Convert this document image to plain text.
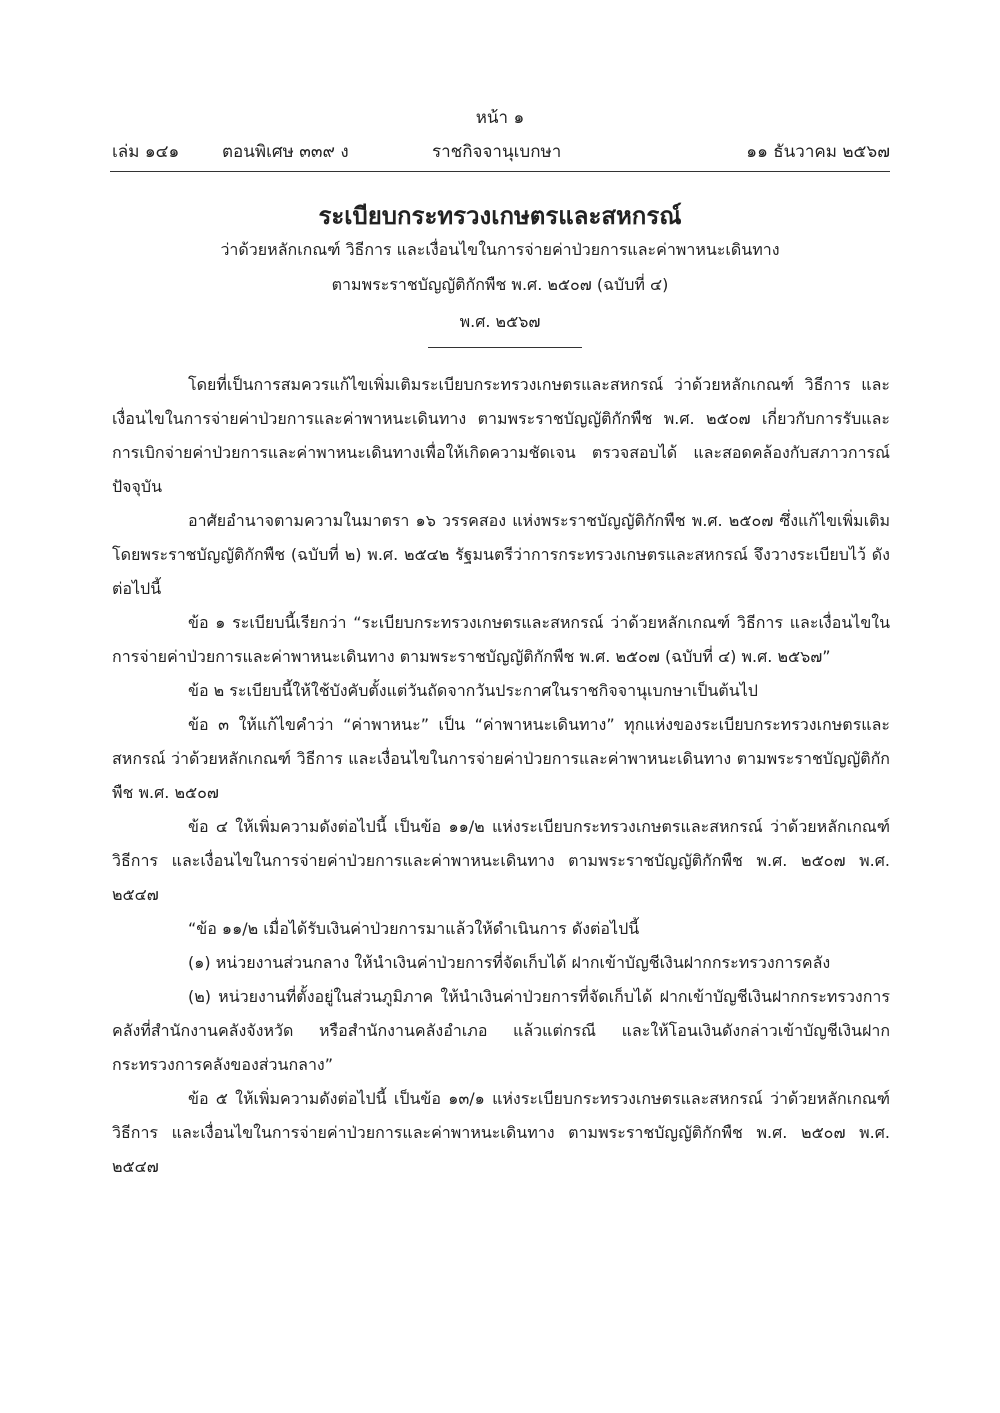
หน้า ๑
เล่ม ๑๔๑	ตอนพิเศษ ๓๓๙ ง	ราชกิจจานุเบกษา	๑๑ ธันวาคม ๒๕๖๗
ระเบียบกระทรวงเกษตรและสหกรณ์
ว่าด้วยหลักเกณฑ์ วิธีการ และเงื่อนไขในการจ่ายค่าป่วยการและค่าพาหนะเดินทาง
ตามพระราชบัญญัติกักพืช พ.ศ. ๒๕๐๗ (ฉบับที่ ๔)
พ.ศ. ๒๕๖๗

โดยที่เป็นการสมควรแก้ไขเพิ่มเติมระเบียบกระทรวงเกษตรและสหกรณ์ ว่าด้วยหลักเกณฑ์ วิธีการ และเงื่อนไขในการจ่ายค่าป่วยการและค่าพาหนะเดินทาง ตามพระราชบัญญัติกักพืช พ.ศ. ๒๕๐๗ เกี่ยวกับการรับและการเบิกจ่ายค่าป่วยการและค่าพาหนะเดินทางเพื่อให้เกิดความชัดเจน ตรวจสอบได้ และสอดคล้องกับสภาวการณ์ปัจจุบัน

อาศัยอำนาจตามความในมาตรา ๑๖ วรรคสอง แห่งพระราชบัญญัติกักพืช พ.ศ. ๒๕๐๗ ซึ่งแก้ไขเพิ่มเติมโดยพระราชบัญญัติกักพืช (ฉบับที่ ๒) พ.ศ. ๒๕๔๒ รัฐมนตรีว่าการกระทรวงเกษตรและสหกรณ์ จึงวางระเบียบไว้ ดังต่อไปนี้

ข้อ ๑ ระเบียบนี้เรียกว่า “ระเบียบกระทรวงเกษตรและสหกรณ์ ว่าด้วยหลักเกณฑ์ วิธีการ และเงื่อนไขในการจ่ายค่าป่วยการและค่าพาหนะเดินทาง ตามพระราชบัญญัติกักพืช พ.ศ. ๒๕๐๗ (ฉบับที่ ๔) พ.ศ. ๒๕๖๗”

ข้อ ๒ ระเบียบนี้ให้ใช้บังคับตั้งแต่วันถัดจากวันประกาศในราชกิจจานุเบกษาเป็นต้นไป

ข้อ ๓ ให้แก้ไขคำว่า “ค่าพาหนะ” เป็น “ค่าพาหนะเดินทาง” ทุกแห่งของระเบียบกระทรวงเกษตรและสหกรณ์ ว่าด้วยหลักเกณฑ์ วิธีการ และเงื่อนไขในการจ่ายค่าป่วยการและค่าพาหนะเดินทาง ตามพระราชบัญญัติกักพืช พ.ศ. ๒๕๐๗

ข้อ ๔ ให้เพิ่มความดังต่อไปนี้ เป็นข้อ ๑๑/๒ แห่งระเบียบกระทรวงเกษตรและสหกรณ์ ว่าด้วยหลักเกณฑ์ วิธีการ และเงื่อนไขในการจ่ายค่าป่วยการและค่าพาหนะเดินทาง ตามพระราชบัญญัติกักพืช พ.ศ. ๒๕๐๗ พ.ศ. ๒๕๔๗

“ข้อ ๑๑/๒ เมื่อได้รับเงินค่าป่วยการมาแล้วให้ดำเนินการ ดังต่อไปนี้

(๑) หน่วยงานส่วนกลาง ให้นำเงินค่าป่วยการที่จัดเก็บได้ ฝากเข้าบัญชีเงินฝากกระทรวงการคลัง

(๒) หน่วยงานที่ตั้งอยู่ในส่วนภูมิภาค ให้นำเงินค่าป่วยการที่จัดเก็บได้ ฝากเข้าบัญชีเงินฝากกระทรวงการคลังที่สำนักงานคลังจังหวัด หรือสำนักงานคลังอำเภอ แล้วแต่กรณี และให้โอนเงินดังกล่าวเข้าบัญชีเงินฝากกระทรวงการคลังของส่วนกลาง”

ข้อ ๕ ให้เพิ่มความดังต่อไปนี้ เป็นข้อ ๑๓/๑ แห่งระเบียบกระทรวงเกษตรและสหกรณ์ ว่าด้วยหลักเกณฑ์ วิธีการ และเงื่อนไขในการจ่ายค่าป่วยการและค่าพาหนะเดินทาง ตามพระราชบัญญัติกักพืช พ.ศ. ๒๕๐๗ พ.ศ. ๒๕๔๗
